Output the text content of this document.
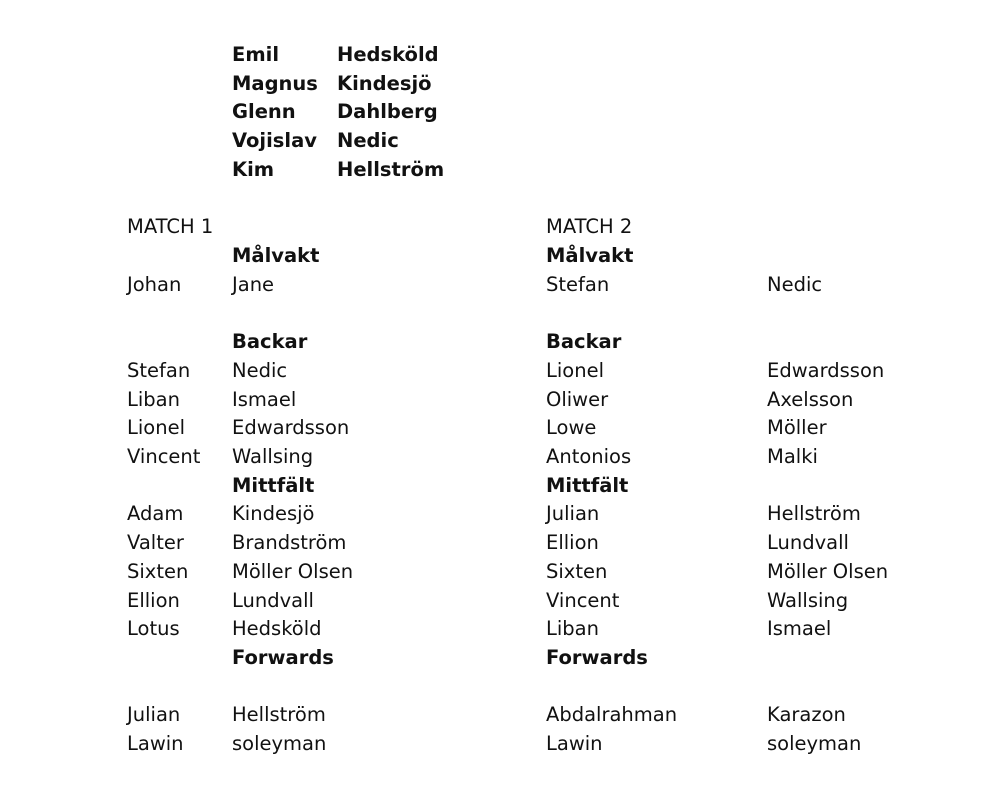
Emil	Hedsköld
Magnus Kindesjö
Glenn Dahlberg
Vojislav Nedic
Kim	Hellström
MATCH 1
Målvakt
Johan	Jane
Backar
Stefan Nedic
Liban	Ismael
Lionel Edwardsson
Vincent Wallsing
Mittfält
Adam Kindesjö
Valter Brandström
Sixten Möller Olsen
Ellion	Lundvall
Lotus	Hedsköld
Forwards
Julian	Hellström
Lawin soleyman
MATCH 2
Målvakt
Stefan	Nedic
Backar
Lionel	Edwardsson
Oliwer	Axelsson
Lowe	Möller
Antonios	Malki
Mittfält
Julian	Hellström
Ellion	Lundvall
Sixten	Möller Olsen
Vincent	Wallsing
Liban	Ismael
Forwards
Abdalrahman	Karazon
Lawin	soleyman
